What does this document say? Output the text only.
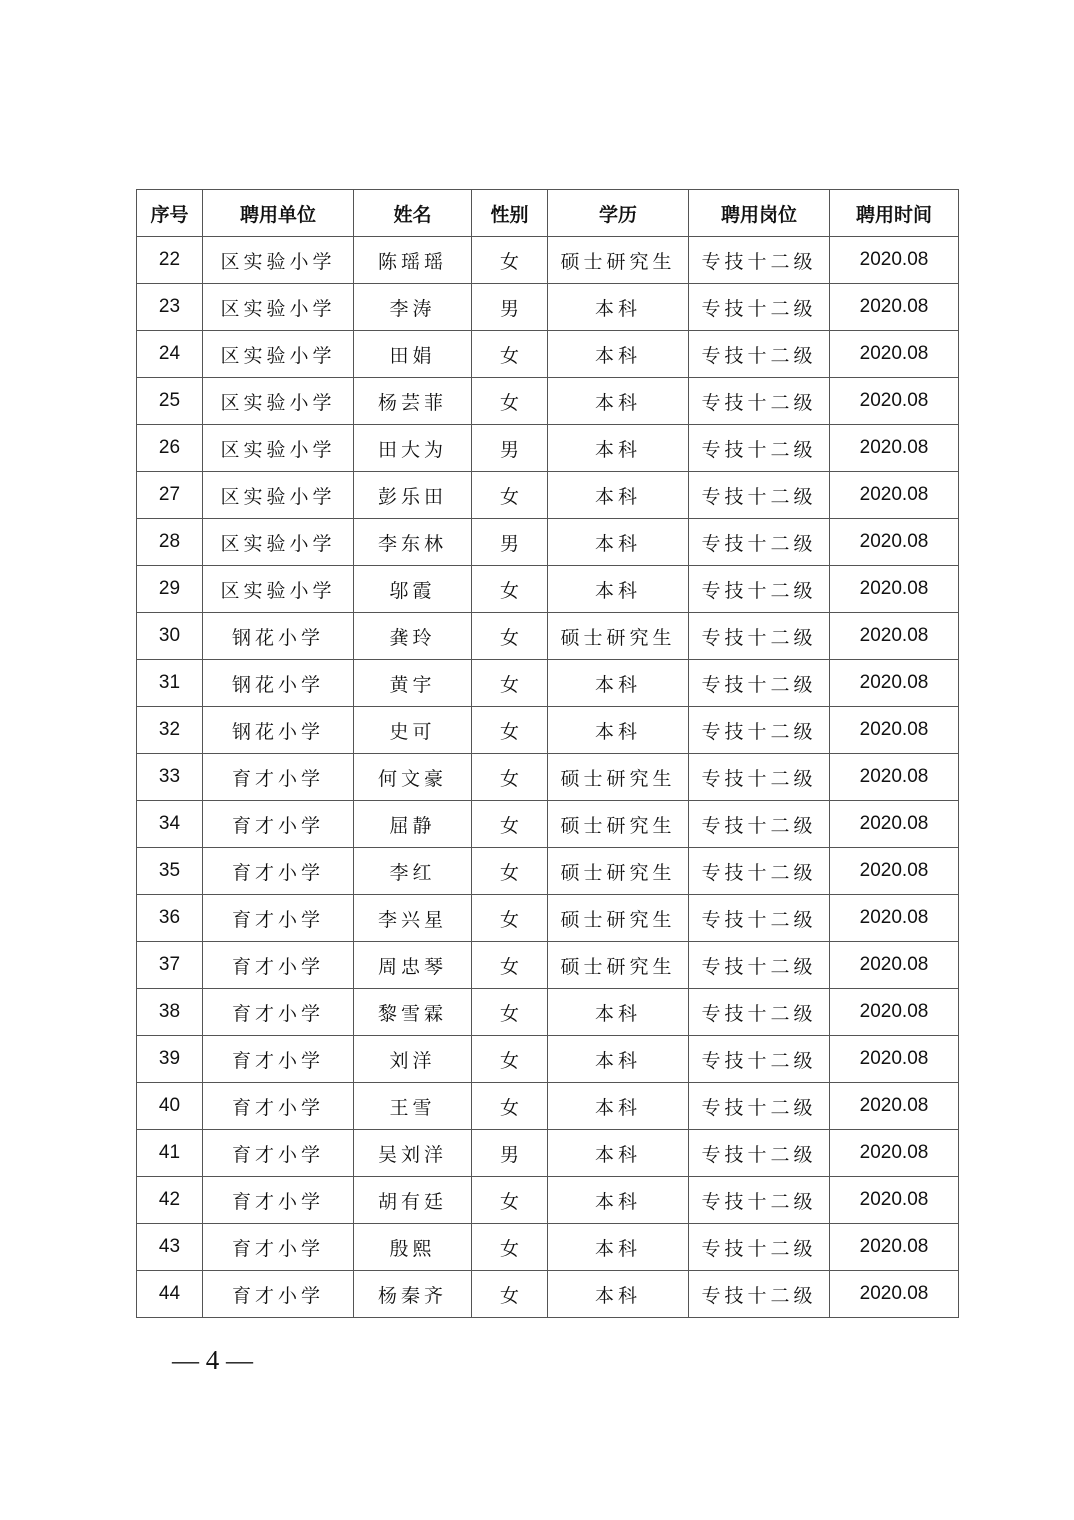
序号	聘用单位	姓名	性别	学历	聘用岗位	聘用时间
22	区实验小学	陈瑶瑶	女	硕士研究生	专技十二级	2020.08
23	区实验小学	李涛	男	本科	专技十二级	2020.08
24	区实验小学	田娟	女	本科	专技十二级	2020.08
25	区实验小学	杨芸菲	女	本科	专技十二级	2020.08
26	区实验小学	田大为	男	本科	专技十二级	2020.08
27	区实验小学	彭乐田	女	本科	专技十二级	2020.08
28	区实验小学	李东林	男	本科	专技十二级	2020.08
29	区实验小学	邬霞	女	本科	专技十二级	2020.08
30	钢花小学	龚玲	女	硕士研究生	专技十二级	2020.08
31	钢花小学	黄宇	女	本科	专技十二级	2020.08
32	钢花小学	史可	女	本科	专技十二级	2020.08
33	育才小学	何文豪	女	硕士研究生	专技十二级	2020.08
34	育才小学	屈静	女	硕士研究生	专技十二级	2020.08
35	育才小学	李红	女	硕士研究生	专技十二级	2020.08
36	育才小学	李兴星	女	硕士研究生	专技十二级	2020.08
37	育才小学	周忠琴	女	硕士研究生	专技十二级	2020.08
38	育才小学	黎雪霖	女	本科	专技十二级	2020.08
39	育才小学	刘洋	女	本科	专技十二级	2020.08
40	育才小学	王雪	女	本科	专技十二级	2020.08
41	育才小学	吴刘洋	男	本科	专技十二级	2020.08
42	育才小学	胡有廷	女	本科	专技十二级	2020.08
43	育才小学	殷熙	女	本科	专技十二级	2020.08
44	育才小学	杨秦齐	女	本科	专技十二级	2020.08
— 4 —
